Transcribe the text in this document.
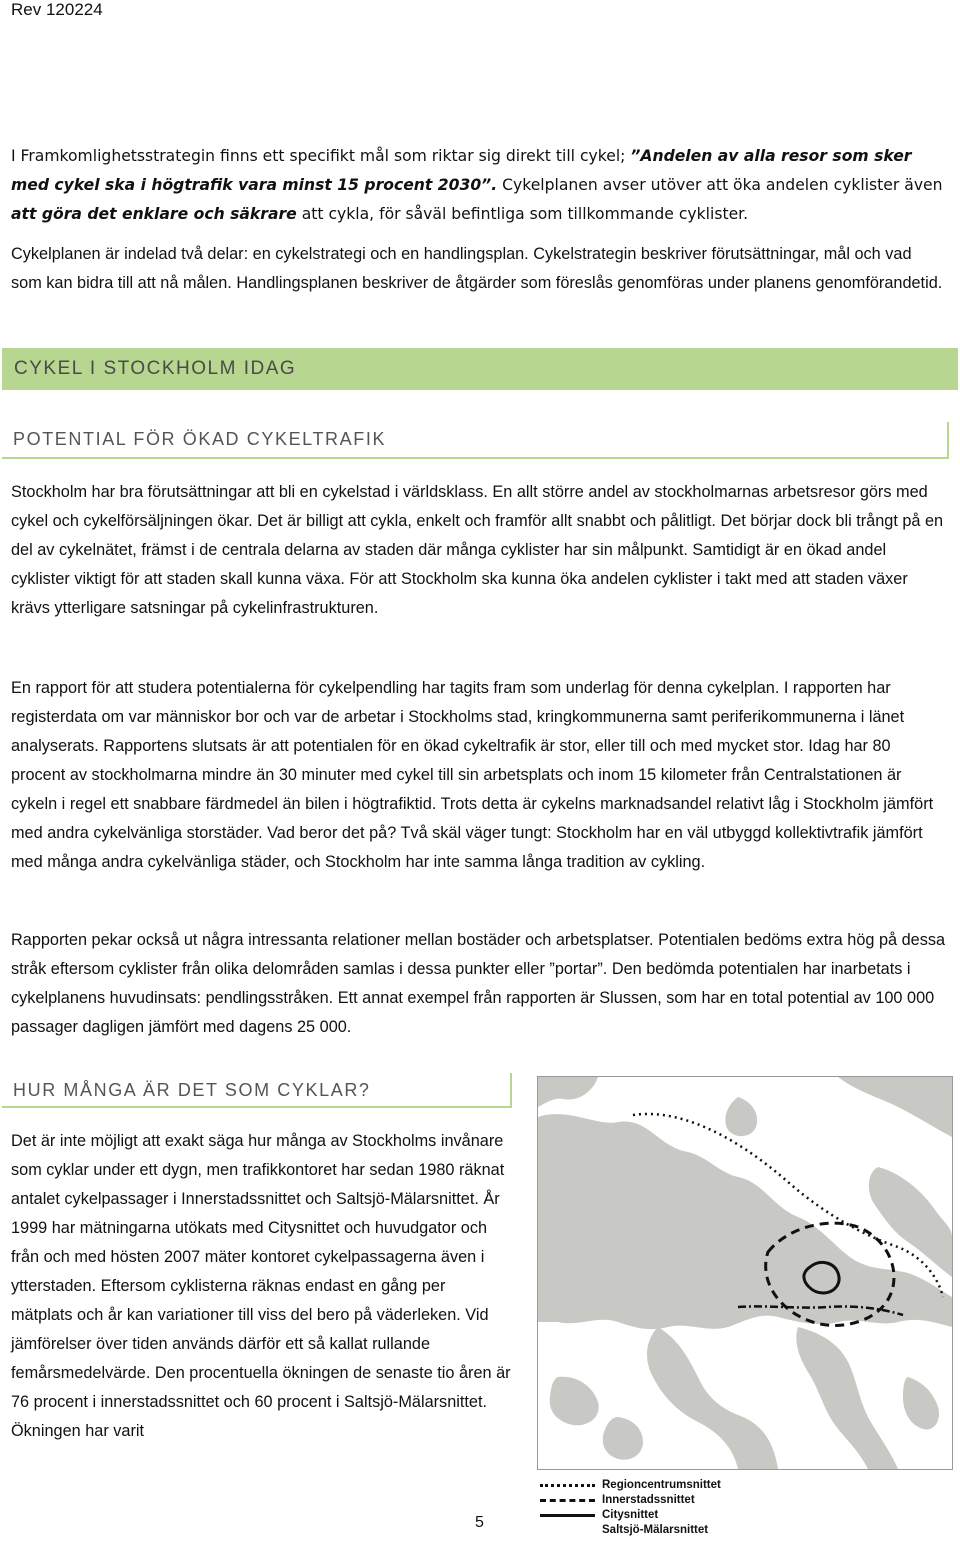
Rev 120224

I Framkomlighetsstrategin finns ett specifikt mål som riktar sig direkt till cykel; ”Andelen av alla resor som sker med cykel ska i högtrafik vara minst 15 procent 2030”. Cykelplanen avser utöver att öka andelen cyklister även att göra det enklare och säkrare att cykla, för såväl befintliga som tillkommande cyklister.

Cykelplanen är indelad två delar: en cykelstrategi och en handlingsplan. Cykelstrategin beskriver förutsättningar, mål och vad som kan bidra till att nå målen. Handlingsplanen beskriver de åtgärder som föreslås genomföras under planens genomförandetid.

CYKEL I STOCKHOLM IDAG
POTENTIAL FÖR ÖKAD CYKELTRAFIK

Stockholm har bra förutsättningar att bli en cykelstad i världsklass. En allt större andel av stockholmarnas arbetsresor görs med cykel och cykelförsäljningen ökar. Det är billigt att cykla, enkelt och framför allt snabbt och pålitligt. Det börjar dock bli trångt på en del av cykelnätet, främst i de centrala delarna av staden där många cyklister har sin målpunkt. Samtidigt är en ökad andel cyklister viktigt för att staden skall kunna växa. För att Stockholm ska kunna öka andelen cyklister i takt med att staden växer krävs ytterligare satsningar på cykelinfrastrukturen.

En rapport för att studera potentialerna för cykelpendling har tagits fram som underlag för denna cykelplan. I rapporten har registerdata om var människor bor och var de arbetar i Stockholms stad, kringkommunerna samt periferikommunerna i länet analyserats. Rapportens slutsats är att potentialen för en ökad cykeltrafik är stor, eller till och med mycket stor. Idag har 80 procent av stockholmarna mindre än 30 minuter med cykel till sin arbetsplats och inom 15 kilometer från Centralstationen är cykeln i regel ett snabbare färdmedel än bilen i högtrafiktid. Trots detta är cykelns marknadsandel relativt låg i Stockholm jämfört med andra cykelvänliga storstäder. Vad beror det på? Två skäl väger tungt: Stockholm har en väl utbyggd kollektivtrafik jämfört med många andra cykelvänliga städer, och Stockholm har inte samma långa tradition av cykling.

Rapporten pekar också ut några intressanta relationer mellan bostäder och arbetsplatser. Potentialen bedöms extra hög på dessa stråk eftersom cyklister från olika delområden samlas i dessa punkter eller ”portar”. Den bedömda potentialen har inarbetats i cykelplanens huvudinsats: pendlingsstråken. Ett annat exempel från rapporten är Slussen, som har en total potential av 100 000 passager dagligen jämfört med dagens 25 000.

HUR MÅNGA ÄR DET SOM CYKLAR?

Det är inte möjligt att exakt säga hur många av Stockholms invånare som cyklar under ett dygn, men trafikkontoret har sedan 1980 räknat antalet cykelpassager i Innerstadssnittet och Saltsjö-Mälarsnittet. År 1999 har mätningarna utökats med Citysnittet och huvudgator och från och med hösten 2007 mäter kontoret cykelpassagerna även i ytterstaden. Eftersom cyklisterna räknas endast en gång per mätplats och år kan variationer till viss del bero på väderleken. Vid jämförelser över tiden används därför ett så kallat rullande femårsmedelvärde. Den procentuella ökningen de senaste tio åren är 76 procent i innerstadssnittet och 60 procent i Saltsjö-Mälarsnittet. Ökningen har varit

Regioncentrumsnittet
Innerstadssnittet
Citysnittet
Saltsjö-Mälarsnittet
5
